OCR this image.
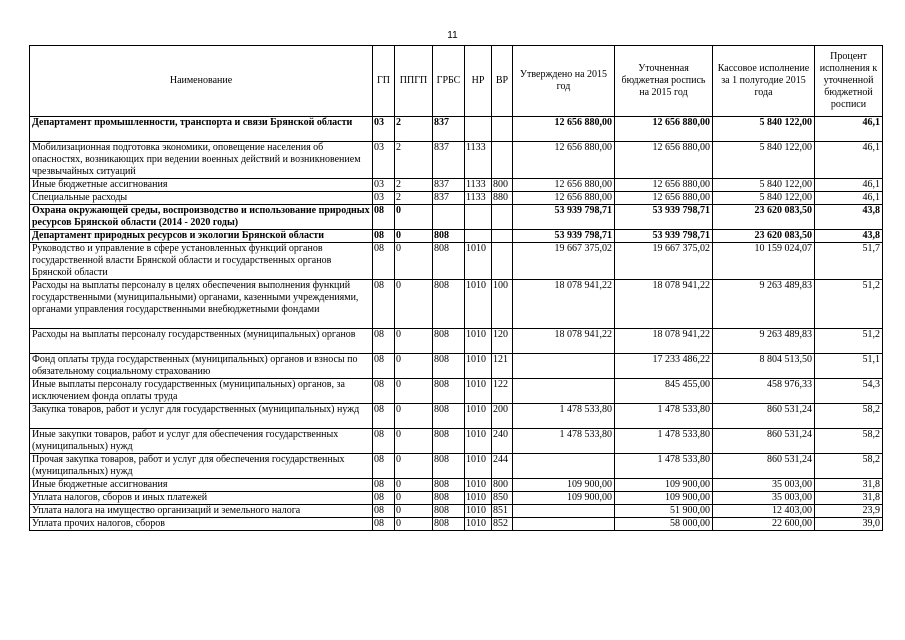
11
Наименование	ГП	ППГП	ГРБС	НР	ВР	Утверждено на 2015 год	Уточненная бюджетная роспись на 2015 год	Кассовое исполнение за 1 полугодие 2015 года	Процент исполнения к уточненной бюджетной росписи
Департамент промышленности, транспорта и связи Брянской области	03	2	837			12 656 880,00	12 656 880,00	5 840 122,00	46,1
Мобилизационная подготовка экономики, оповещение населения об опасностях, возникающих при ведении военных действий и возникновением чрезвычайных ситуаций	03	2	837	1133		12 656 880,00	12 656 880,00	5 840 122,00	46,1
Иные бюджетные ассигнования	03	2	837	1133	800	12 656 880,00	12 656 880,00	5 840 122,00	46,1
Специальные расходы	03	2	837	1133	880	12 656 880,00	12 656 880,00	5 840 122,00	46,1
Охрана окружающей среды, воспроизводство и использование природных ресурсов Брянской области (2014 - 2020 годы)	08	0				53 939 798,71	53 939 798,71	23 620 083,50	43,8
Департамент природных ресурсов и экологии Брянской области	08	0	808			53 939 798,71	53 939 798,71	23 620 083,50	43,8
Руководство и управление в сфере установленных функций органов государственной власти Брянской области и государственных органов Брянской области	08	0	808	1010		19 667 375,02	19 667 375,02	10 159 024,07	51,7
Расходы на выплаты персоналу в целях обеспечения выполнения функций государственными (муниципальными) органами, казенными учреждениями, органами управления государственными внебюджетными фондами	08	0	808	1010	100	18 078 941,22	18 078 941,22	9 263 489,83	51,2
Расходы на выплаты персоналу государственных (муниципальных) органов	08	0	808	1010	120	18 078 941,22	18 078 941,22	9 263 489,83	51,2
Фонд оплаты труда государственных (муниципальных) органов и взносы по обязательному социальному страхованию	08	0	808	1010	121		17 233 486,22	8 804 513,50	51,1
Иные выплаты персоналу государственных (муниципальных) органов, за исключением фонда оплаты труда	08	0	808	1010	122		845 455,00	458 976,33	54,3
Закупка товаров, работ и услуг для государственных (муниципальных) нужд	08	0	808	1010	200	1 478 533,80	1 478 533,80	860 531,24	58,2
Иные закупки товаров, работ и услуг для обеспечения государственных (муниципальных) нужд	08	0	808	1010	240	1 478 533,80	1 478 533,80	860 531,24	58,2
Прочая закупка товаров, работ и услуг для обеспечения государственных (муниципальных) нужд	08	0	808	1010	244		1 478 533,80	860 531,24	58,2
Иные бюджетные ассигнования	08	0	808	1010	800	109 900,00	109 900,00	35 003,00	31,8
Уплата налогов, сборов и иных платежей	08	0	808	1010	850	109 900,00	109 900,00	35 003,00	31,8
Уплата налога на имущество организаций и земельного налога	08	0	808	1010	851		51 900,00	12 403,00	23,9
Уплата прочих налогов, сборов	08	0	808	1010	852		58 000,00	22 600,00	39,0
